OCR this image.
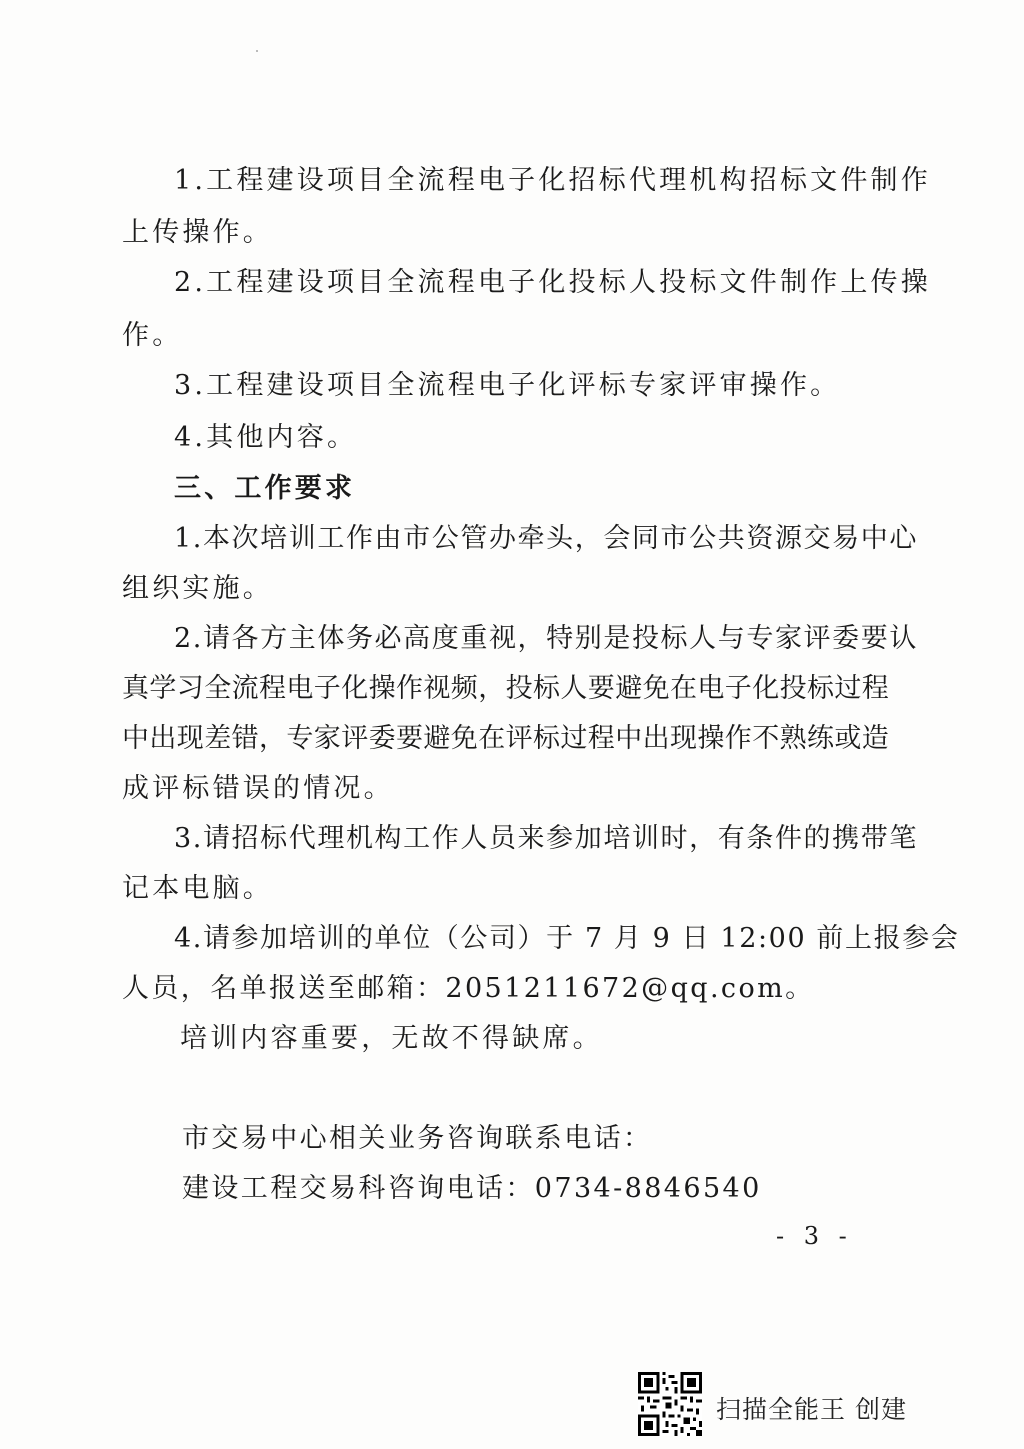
1.工程建设项目全流程电子化招标代理机构招标文件制作
上传操作。
2.工程建设项目全流程电子化投标人投标文件制作上传操
作。
3.工程建设项目全流程电子化评标专家评审操作。
4.其他内容。
三、工作要求
1.本次培训工作由市公管办牵头，会同市公共资源交易中心
组织实施。
2.请各方主体务必高度重视，特别是投标人与专家评委要认
真学习全流程电子化操作视频，投标人要避免在电子化投标过程
中出现差错，专家评委要避免在评标过程中出现操作不熟练或造
成评标错误的情况。
3.请招标代理机构工作人员来参加培训时，有条件的携带笔
记本电脑。
4.请参加培训的单位（公司）于 7 月 9 日 12:00 前上报参会
人员，名单报送至邮箱：2051211672@qq.com。
培训内容重要，无故不得缺席。
市交易中心相关业务咨询联系电话：
建设工程交易科咨询电话：0734-8846540
- 3 -
扫描全能王 创建
